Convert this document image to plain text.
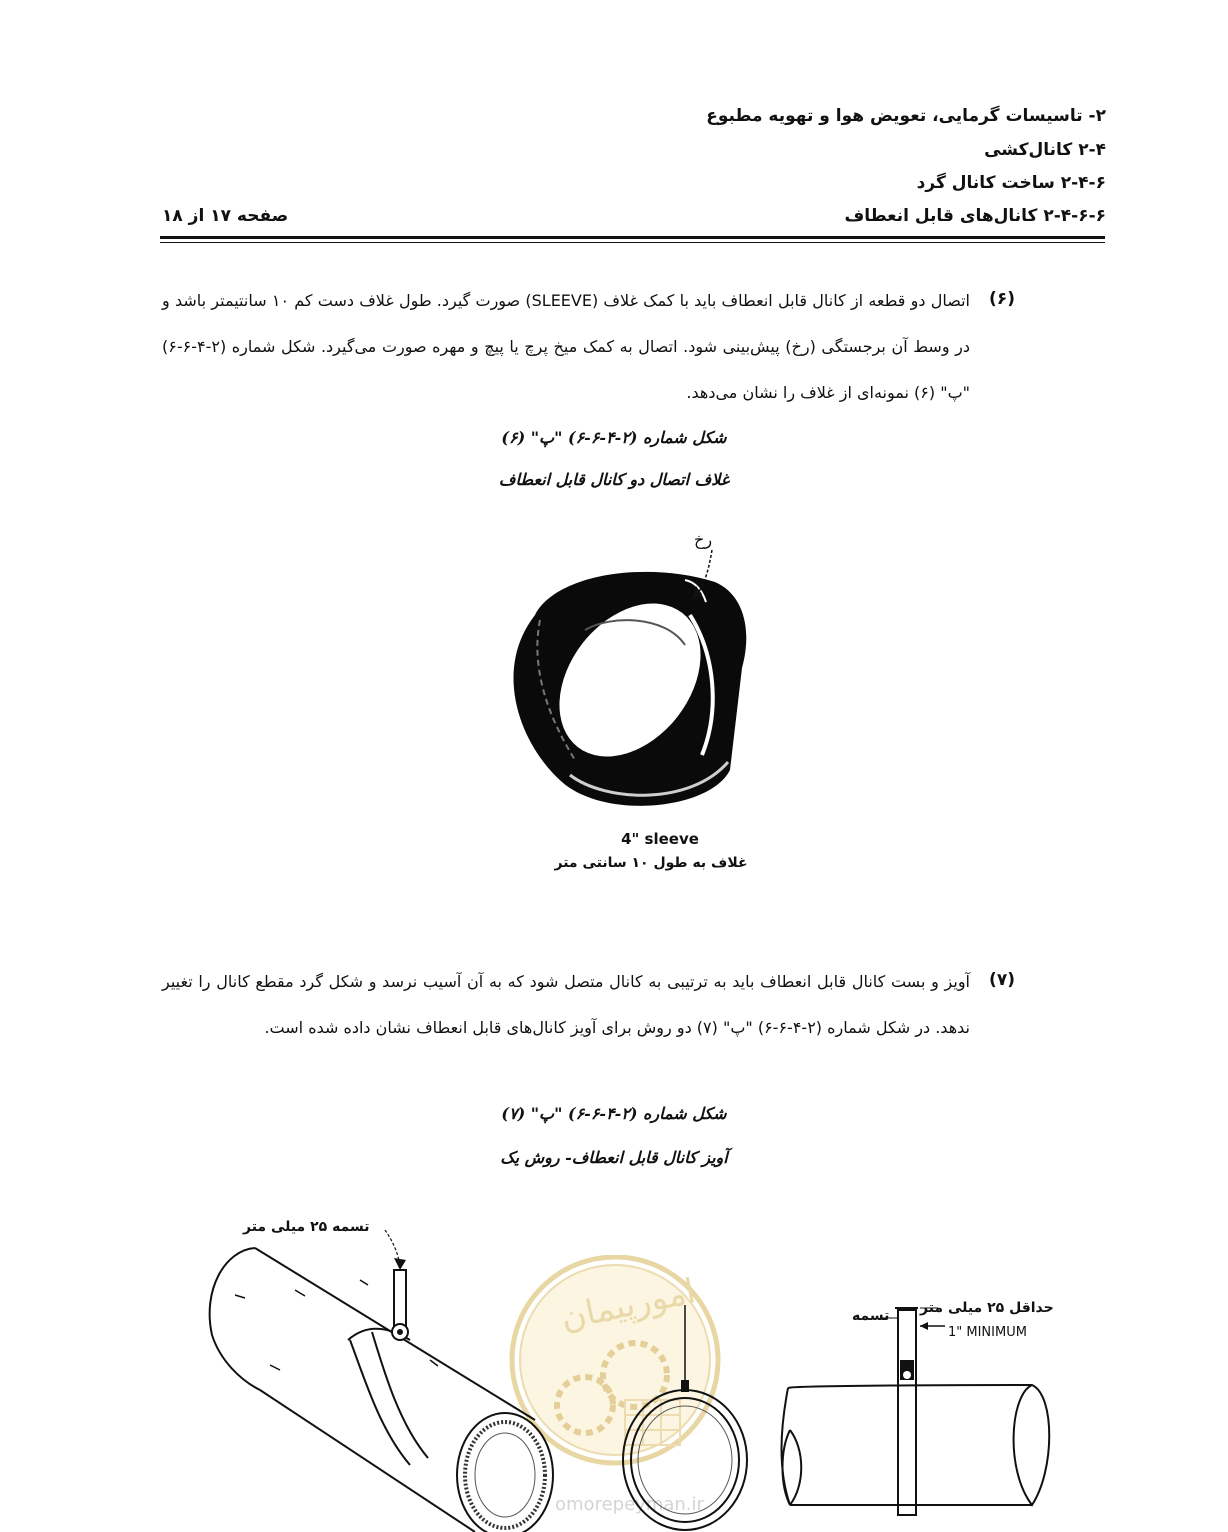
۲- تاسیسات گرمایی، تعویض هوا و تهویه مطبوع
۲-۴ کانال‌کشی
۲-۴-۶ ساخت کانال گرد
۲-۴-۶-۶ کانال‌های قابل انعطاف
صفحه ۱۷ از ۱۸
(۶)
اتصال دو قطعه از کانال قابل انعطاف باید با کمک غلاف (SLEEVE) صورت گیرد. طول غلاف دست کم ۱۰ سانتیمتر باشد و در وسط آن برجستگی (رخ) پیش‌بینی شود. اتصال به کمک میخ پرچ یا پیچ و مهره صورت می‌گیرد. شکل شماره (۲-۴-۶-۶) "پ" (۶) نمونه‌ای از غلاف را نشان می‌دهد.
شکل شماره (۲-۴-۶-۶) "پ" (۶)
غلاف اتصال دو کانال قابل انعطاف
رخ
4" sleeve
غلاف به طول ۱۰ سانتی متر
(۷)
آویز و بست کانال قابل انعطاف باید به ترتیبی به کانال متصل شود که به آن آسیب نرسد و شکل گرد مقطع کانال را تغییر ندهد. در شکل شماره (۲-۴-۶-۶) "پ" (۷) دو روش برای آویز کانال‌های قابل انعطاف نشان داده شده است.
شکل شماره (۲-۴-۶-۶) "پ" (۷)
آویز کانال قابل انعطاف- روش یک
امورپیمان
omorepeyman.ir
تسمه ۲۵ میلی متر
حداقل ۲۵ میلی متر
تسمه
1" MINIMUM
